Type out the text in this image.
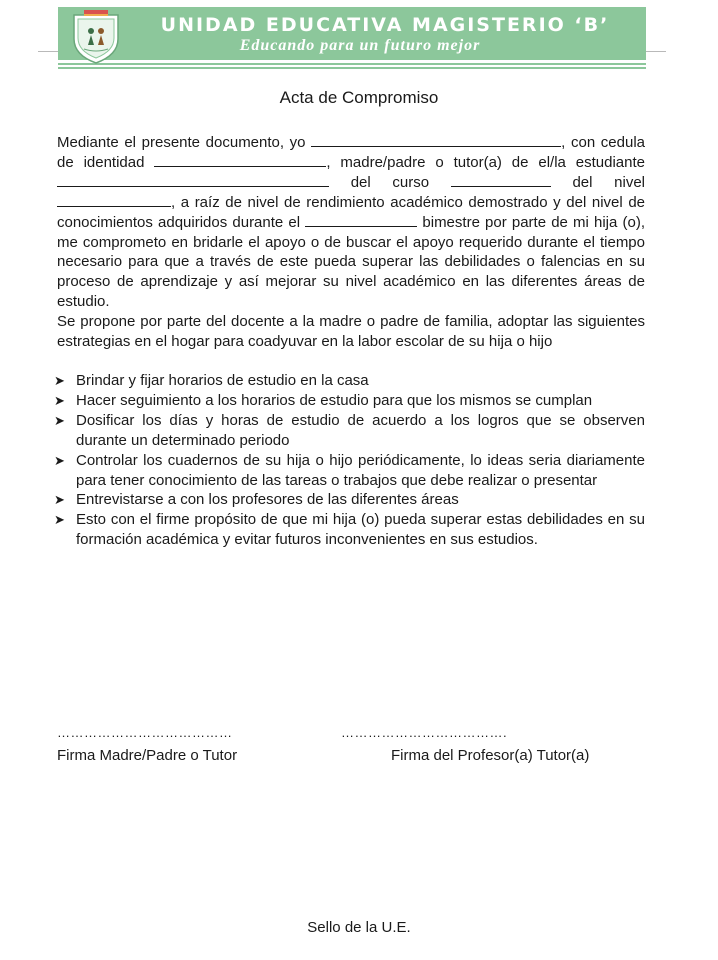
UNIDAD EDUCATIVA MAGISTERIO ‘B’
Educando para un futuro mejor
Acta de Compromiso

Mediante el presente documento, yo	, con cedula de identidad	, madre/padre o tutor(a) de el/la estudiante  del curso	del nivel , a raíz de nivel de rendimiento académico demostrado y del nivel de conocimientos adquiridos durante el	bimestre por parte de mi hija (o), me comprometo en bridarle el apoyo o de buscar el apoyo requerido durante el tiempo necesario para que a través de este pueda superar las debilidades o falencias en su proceso de aprendizaje y así mejorar su nivel académico en las diferentes áreas de estudio.

Se propone por parte del docente a la madre o padre de familia, adoptar las siguientes estrategias en el hogar para coadyuvar en la labor escolar de su hija o hijo

➤ Brindar y fijar horarios de estudio en la casa
➤ Hacer seguimiento a los horarios de estudio para que los mismos se cumplan
➤ Dosificar los días y horas de estudio de acuerdo a los logros que se observen durante un determinado periodo
➤ Controlar los cuadernos de su hija o hijo periódicamente, lo ideas seria diariamente para tener conocimiento de las tareas o trabajos que debe realizar o presentar
➤ Entrevistarse a con los profesores de las diferentes áreas
➤ Esto con el firme propósito de que mi hija (o) pueda superar estas debilidades en su formación académica y evitar futuros inconvenientes en sus estudios.
…………………………………	……………………………….
Firma Madre/Padre o Tutor	Firma del Profesor(a) Tutor(a)
Sello de la U.E.
